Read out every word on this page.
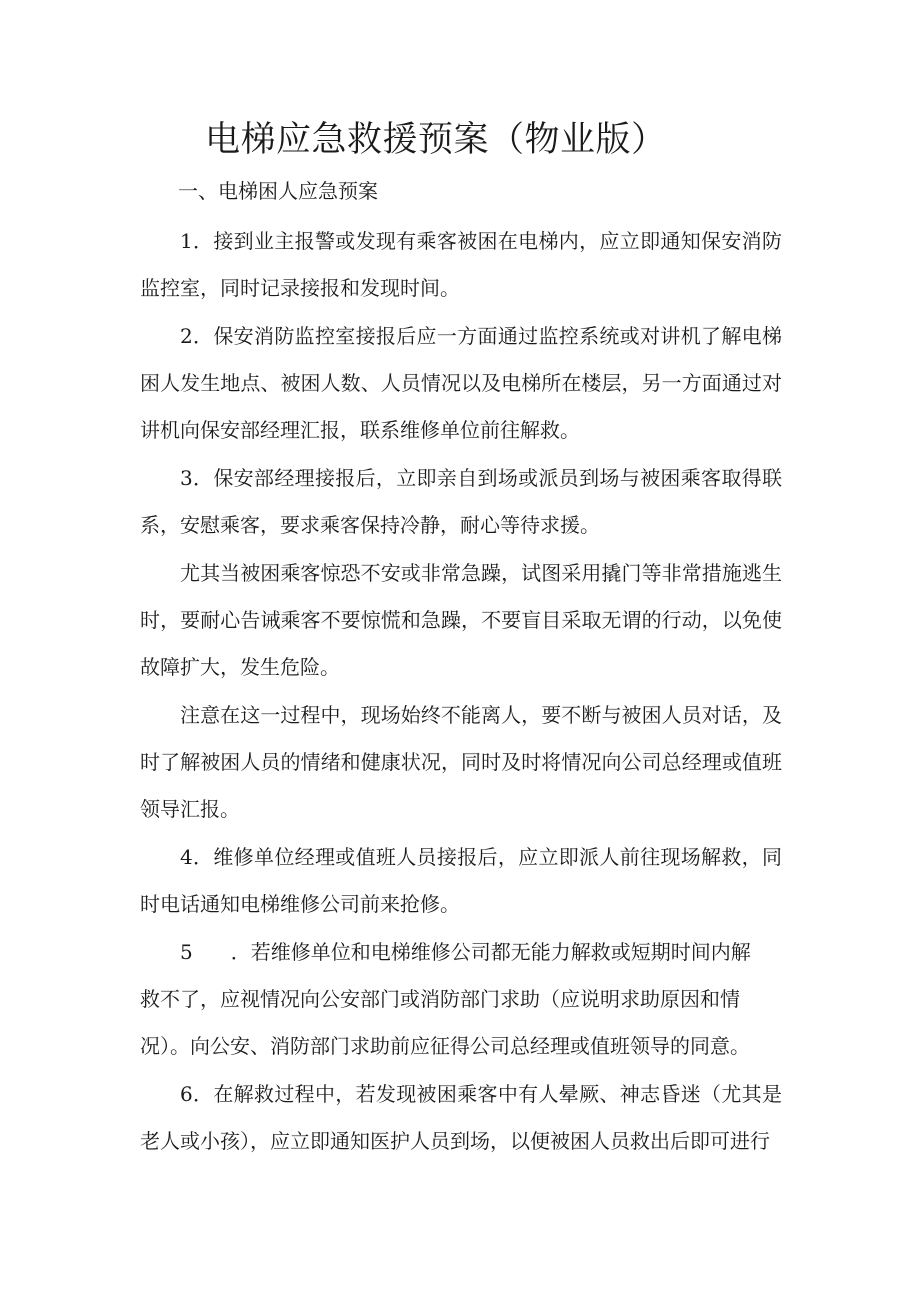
电梯应急救援预案（物业版）
一、电梯困人应急预案

1．接到业主报警或发现有乘客被困在电梯内，应立即通知保安消防监控室，同时记录接报和发现时间。

2．保安消防监控室接报后应一方面通过监控系统或对讲机了解电梯困人发生地点、被困人数、人员情况以及电梯所在楼层，另一方面通过对讲机向保安部经理汇报，联系维修单位前往解救。

3．保安部经理接报后，立即亲自到场或派员到场与被困乘客取得联系，安慰乘客，要求乘客保持冷静，耐心等待求援。

尤其当被困乘客惊恐不安或非常急躁，试图采用撬门等非常措施逃生时，要耐心告诫乘客不要惊慌和急躁，不要盲目采取无谓的行动，以免使故障扩大，发生危险。

注意在这一过程中，现场始终不能离人，要不断与被困人员对话，及时了解被困人员的情绪和健康状况，同时及时将情况向公司总经理或值班领导汇报。

4．维修单位经理或值班人员接报后，应立即派人前往现场解救，同时电话通知电梯维修公司前来抢修。

5 ．若维修单位和电梯维修公司都无能力解救或短期时间内解救不了，应视情况向公安部门或消防部门求助（应说明求助原因和情况）。向公安、消防部门求助前应征得公司总经理或值班领导的同意。

6．在解救过程中，若发现被困乘客中有人晕厥、神志昏迷（尤其是老人或小孩），应立即通知医护人员到场，以便被困人员救出后即可进行
